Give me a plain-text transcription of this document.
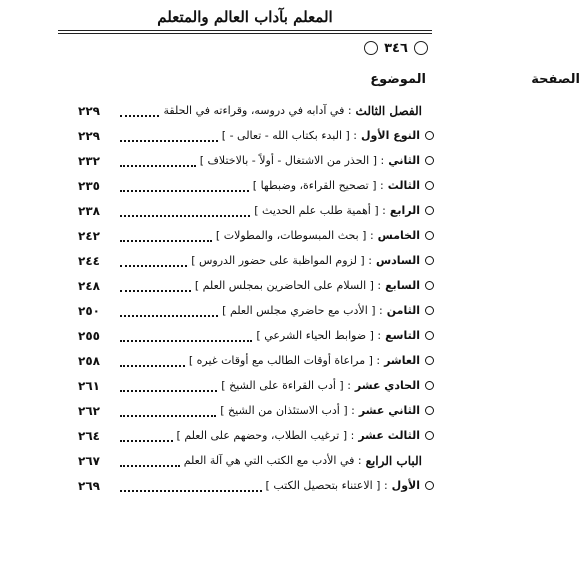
المعلم بآداب العالم والمتعلم
٣٤٦
الموضوع	الصفحة
الفصل الثالث
: في آدابه في دروسه، وقراءته في الحلقة
٢٢٩
النوع الأول
: [ البدء بكتاب الله - تعالى - ]
٢٢٩
الثاني
: [ الحذر من الاشتغال - أولاً - بالاختلاف ]
٢٣٢
الثالث
: [ تصحيح القراءة، وضبطها ]
٢٣٥
الرابع
: [ أهمية طلب علم الحديث ]
٢٣٨
الخامس
: [ بحث المبسوطات، والمطولات ]
٢٤٢
السادس
: [ لزوم المواظبة على حضور الدروس ]
٢٤٤
السابع
: [ السلام على الحاضرين بمجلس العلم ]
٢٤٨
الثامن
: [ الأدب مع حاضري مجلس العلم ]
٢٥٠
التاسع
: [ ضوابط الحياء الشرعي ]
٢٥٥
العاشر
: [ مراعاة أوقات الطالب مع أوقات غيره ]
٢٥٨
الحادي عشر
: [ أدب القراءة على الشيخ ]
٢٦١
الثاني عشر
: [ أدب الاستئذان من الشيخ ]
٢٦٢
الثالث عشر
: [ ترغيب الطلاب، وحضهم على العلم ]
٢٦٤
الباب الرابع
: في الأدب مع الكتب التي هي آلة العلم
٢٦٧
الأول
: [ الاعتناء بتحصيل الكتب ]
٢٦٩
